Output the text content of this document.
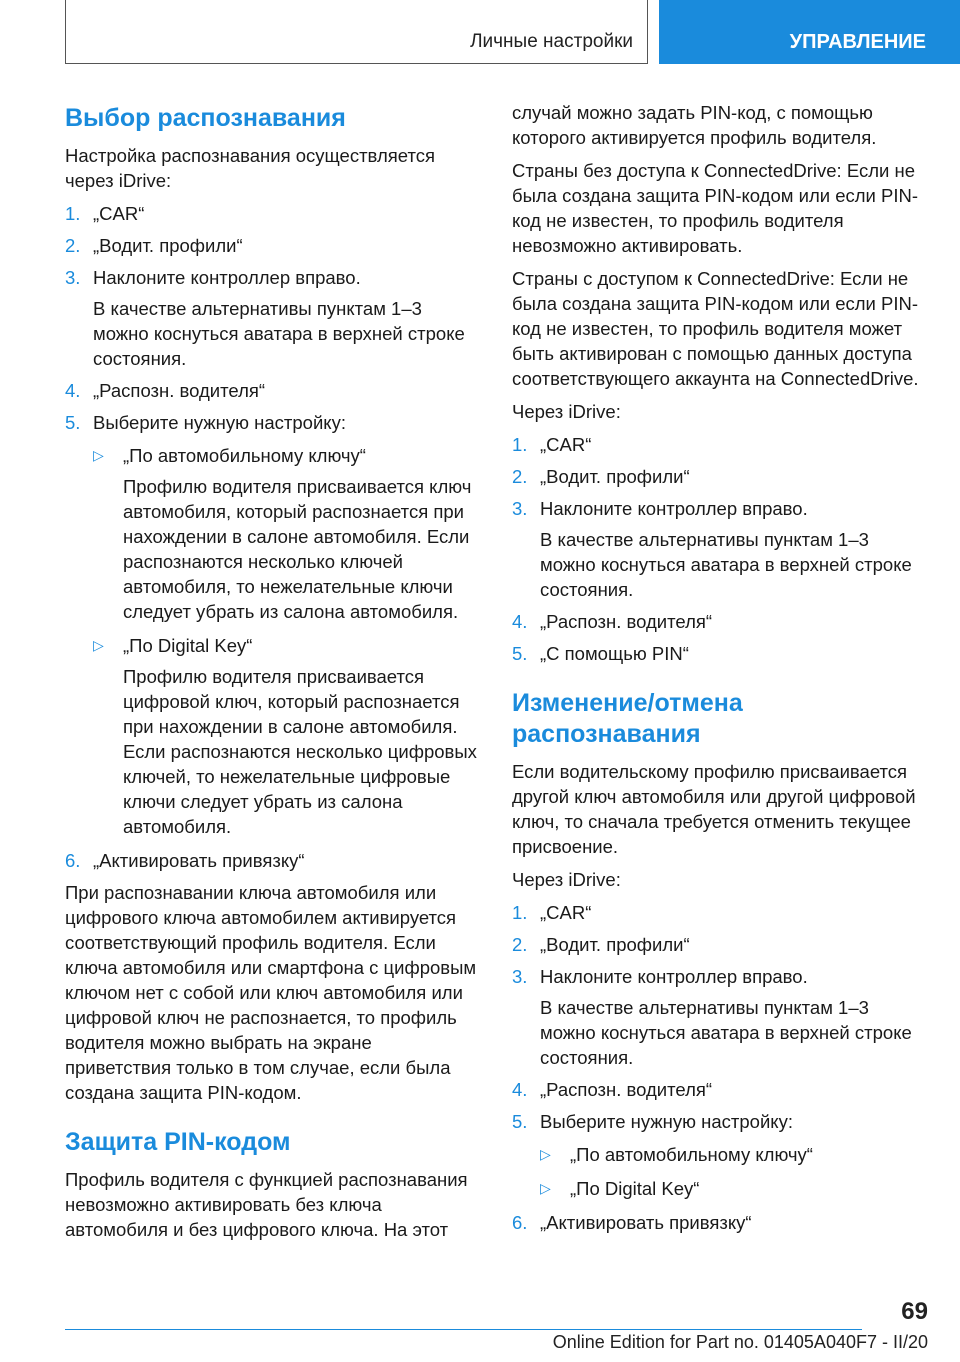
Личные настройки	УПРАВЛЕНИЕ
Выбор распознавания

Настройка распознавания осуществляется через iDrive:

1. „CAR“
2. „Водит. профили“
3. Наклоните контроллер вправо.
В качестве альтернативы пунктам 1–3 можно коснуться аватара в верхней строке состояния.
4. „Распозн. водителя“
5. Выберите нужную настройку:
▷ „По автомобильному ключу“
Профилю водителя присваивается ключ автомобиля, который распознается при нахождении в салоне автомобиля. Если распознаются несколько ключей автомобиля, то нежелательные ключи следует убрать из салона автомобиля.
▷ „По Digital Key“
Профилю водителя присваивается цифровой ключ, который распознается при нахождении в салоне автомобиля. Если распознаются несколько цифровых ключей, то нежелательные цифровые ключи следует убрать из салона автомобиля.
6. „Активировать привязку“

При распознавании ключа автомобиля или цифрового ключа автомобилем активируется соответствующий профиль водителя. Если ключа автомобиля или смартфона с цифровым ключом нет с собой или ключ автомобиля или цифровой ключ не распознается, то профиль водителя можно выбрать на экране приветствия только в том случае, если была создана защита PIN-кодом.

Защита PIN-кодом

Профиль водителя с функцией распознавания невозможно активировать без ключа автомобиля и без цифрового ключа. На этот

случай можно задать PIN-код, с помощью которого активируется профиль водителя.

Страны без доступа к ConnectedDrive: Если не была создана защита PIN-кодом или если PIN-код не известен, то профиль водителя невозможно активировать.

Страны с доступом к ConnectedDrive: Если не была создана защита PIN-кодом или если PIN-код не известен, то профиль водителя может быть активирован с помощью данных доступа соответствующего аккаунта на ConnectedDrive.

Через iDrive:

1. „CAR“
2. „Водит. профили“
3. Наклоните контроллер вправо.
В качестве альтернативы пунктам 1–3 можно коснуться аватара в верхней строке состояния.
4. „Распозн. водителя“
5. „С помощью PIN“
Изменение/отмена распознавания

Если водительскому профилю присваивается другой ключ автомобиля или другой цифровой ключ, то сначала требуется отменить текущее присвоение.

Через iDrive:

1. „CAR“
2. „Водит. профили“
3. Наклоните контроллер вправо.
В качестве альтернативы пунктам 1–3 можно коснуться аватара в верхней строке состояния.
4. „Распозн. водителя“
5. Выберите нужную настройку:
▷ „По автомобильному ключу“
▷ „По Digital Key“
6. „Активировать привязку“
69
Online Edition for Part no. 01405A040F7 - II/20
